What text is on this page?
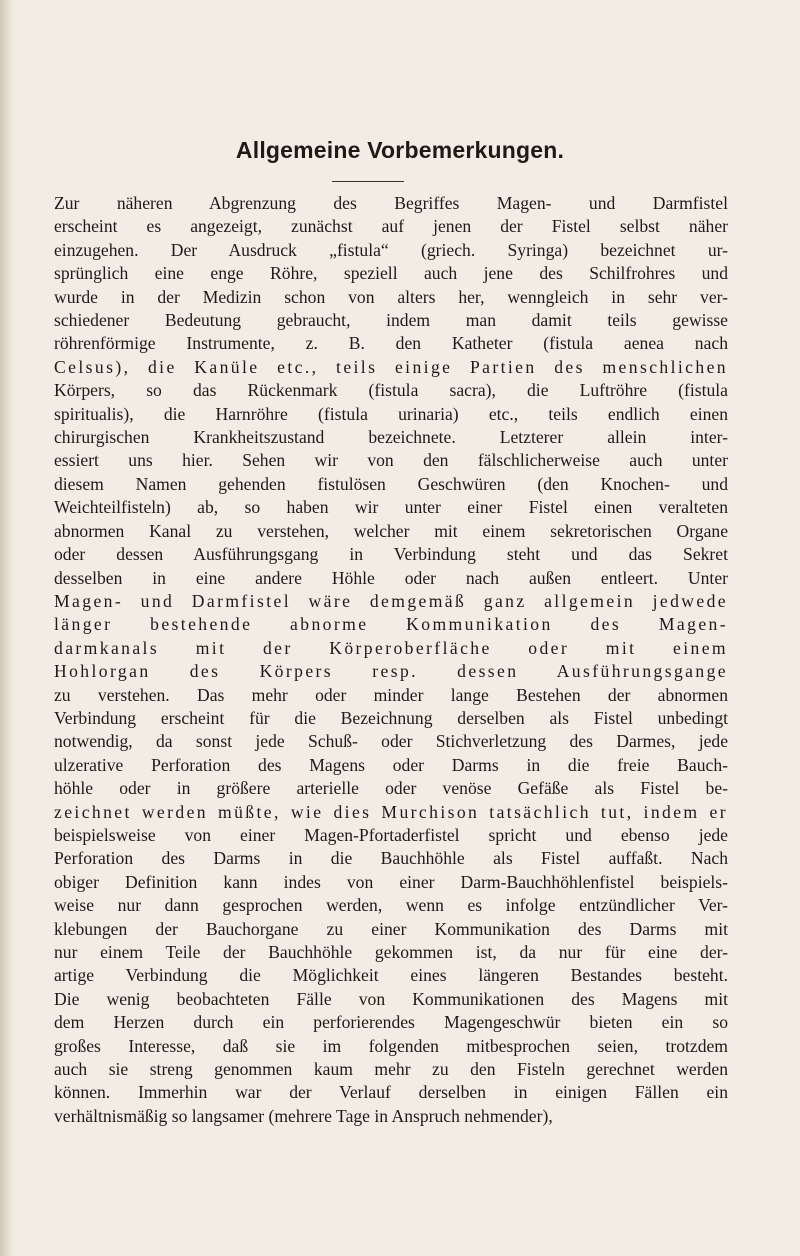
Allgemeine Vorbemerkungen.
Zur näheren Abgrenzung des Begriffes Magen- und Darmfistel
erscheint es angezeigt, zunächst auf jenen der Fistel selbst näher
einzugehen. Der Ausdruck „fistula“ (griech. Syringa) bezeichnet ur-
sprünglich eine enge Röhre, speziell auch jene des Schilfrohres und
wurde in der Medizin schon von alters her, wenngleich in sehr ver-
schiedener Bedeutung gebraucht, indem man damit teils gewisse
röhrenförmige Instrumente, z. B. den Katheter (fistula aenea nach
Celsus), die Kanüle etc., teils einige Partien des menschlichen
Körpers, so das Rückenmark (fistula sacra), die Luftröhre (fistula
spiritualis), die Harnröhre (fistula urinaria) etc., teils endlich einen
chirurgischen Krankheitszustand bezeichnete. Letzterer allein inter-
essiert uns hier. Sehen wir von den fälschlicherweise auch unter
diesem Namen gehenden fistulösen Geschwüren (den Knochen- und
Weichteilfisteln) ab, so haben wir unter einer Fistel einen veralteten
abnormen Kanal zu verstehen, welcher mit einem sekretorischen Organe
oder dessen Ausführungsgang in Verbindung steht und das Sekret
desselben in eine andere Höhle oder nach außen entleert. Unter
Magen- und Darmfistel wäre demgemäß ganz allgemein jedwede
länger bestehende abnorme Kommunikation des Magen-
darmkanals mit der Körperoberfläche oder mit einem
Hohlorgan des Körpers resp. dessen Ausführungsgange
zu verstehen. Das mehr oder minder lange Bestehen der abnormen
Verbindung erscheint für die Bezeichnung derselben als Fistel unbedingt
notwendig, da sonst jede Schuß- oder Stichverletzung des Darmes, jede
ulzerative Perforation des Magens oder Darms in die freie Bauch-
höhle oder in größere arterielle oder venöse Gefäße als Fistel be-
zeichnet werden müßte, wie dies Murchison tatsächlich tut, indem er
beispielsweise von einer Magen-Pfortaderfistel spricht und ebenso jede
Perforation des Darms in die Bauchhöhle als Fistel auffaßt. Nach
obiger Definition kann indes von einer Darm-Bauchhöhlenfistel beispiels-
weise nur dann gesprochen werden, wenn es infolge entzündlicher Ver-
klebungen der Bauchorgane zu einer Kommunikation des Darms mit
nur einem Teile der Bauchhöhle gekommen ist, da nur für eine der-
artige Verbindung die Möglichkeit eines längeren Bestandes besteht.
Die wenig beobachteten Fälle von Kommunikationen des Magens mit
dem Herzen durch ein perforierendes Magengeschwür bieten ein so
großes Interesse, daß sie im folgenden mitbesprochen seien, trotzdem
auch sie streng genommen kaum mehr zu den Fisteln gerechnet werden
können. Immerhin war der Verlauf derselben in einigen Fällen ein
verhältnismäßig so langsamer (mehrere Tage in Anspruch nehmender),
